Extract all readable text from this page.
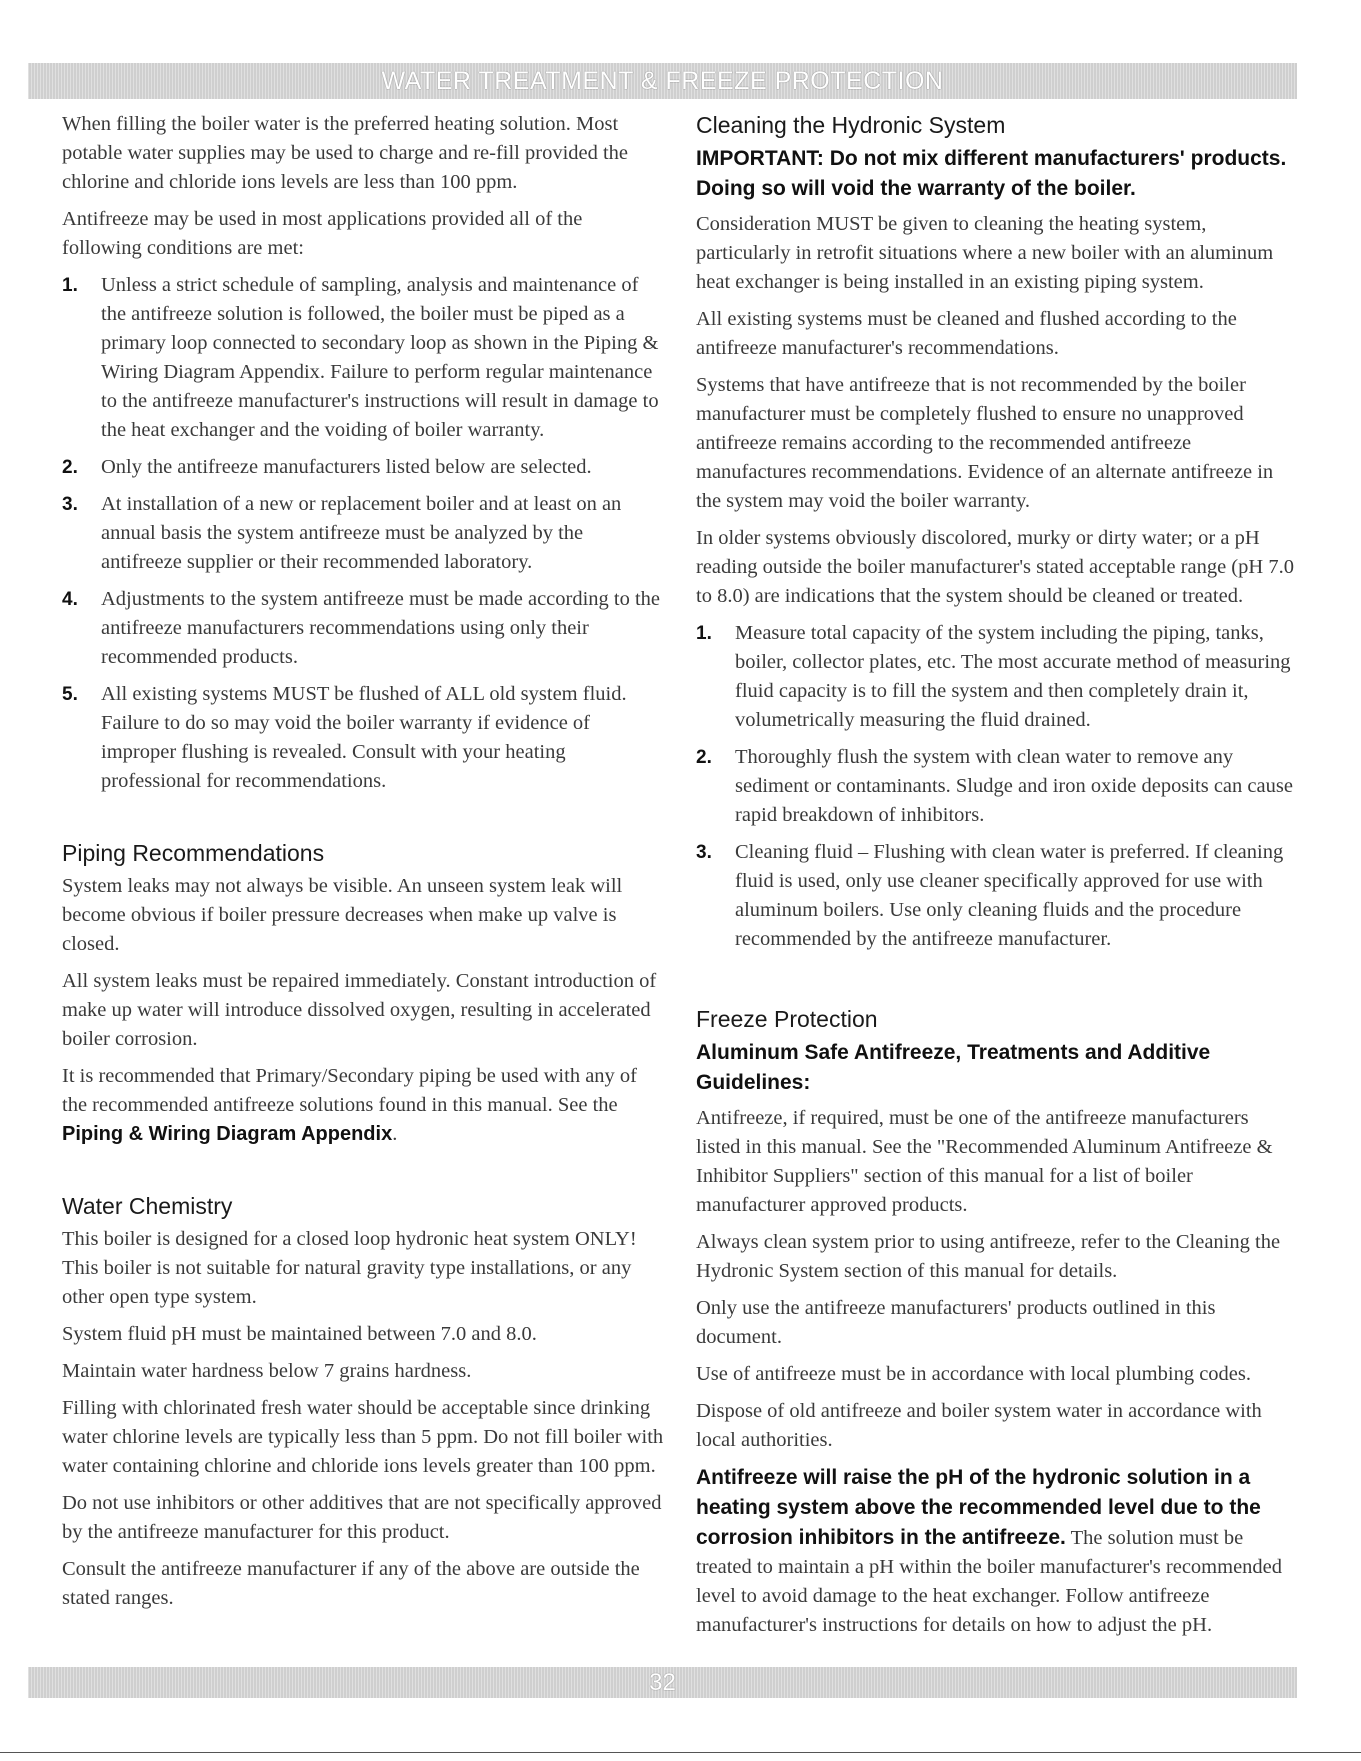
WATER TREATMENT & FREEZE PROTECTION

When filling the boiler water is the preferred heating solution. Most potable water supplies may be used to charge and re-fill provided the chlorine and chloride ions levels are less than 100 ppm.

Antifreeze may be used in most applications provided all of the following conditions are met:

1. Unless a strict schedule of sampling, analysis and maintenance of the antifreeze solution is followed, the boiler must be piped as a primary loop connected to secondary loop as shown in the Piping & Wiring Diagram Appendix. Failure to perform regular maintenance to the antifreeze manufacturer's instructions will result in damage to the heat exchanger and the voiding of boiler warranty.
2. Only the antifreeze manufacturers listed below are selected.
3. At installation of a new or replacement boiler and at least on an annual basis the system antifreeze must be analyzed by the antifreeze supplier or their recommended laboratory.
4. Adjustments to the system antifreeze must be made according to the antifreeze manufacturers recommendations using only their recommended products.
5. All existing systems MUST be flushed of ALL old system fluid. Failure to do so may void the boiler warranty if evidence of improper flushing is revealed. Consult with your heating professional for recommendations.
Piping Recommendations

System leaks may not always be visible. An unseen system leak will become obvious if boiler pressure decreases when make up valve is closed.

All system leaks must be repaired immediately. Constant introduction of make up water will introduce dissolved oxygen, resulting in accelerated boiler corrosion.

It is recommended that Primary/Secondary piping be used with any of the recommended antifreeze solutions found in this manual. See the Piping & Wiring Diagram Appendix.

Water Chemistry

This boiler is designed for a closed loop hydronic heat system ONLY! This boiler is not suitable for natural gravity type installations, or any other open type system.

System fluid pH must be maintained between 7.0 and 8.0.

Maintain water hardness below 7 grains hardness.

Filling with chlorinated fresh water should be acceptable since drinking water chlorine levels are typically less than 5 ppm. Do not fill boiler with water containing chlorine and chloride ions levels greater than 100 ppm.

Do not use inhibitors or other additives that are not specifically approved by the antifreeze manufacturer for this product.

Consult the antifreeze manufacturer if any of the above are outside the stated ranges.

Cleaning the Hydronic System
IMPORTANT: Do not mix different manufacturers' products. Doing so will void the warranty of the boiler.

Consideration MUST be given to cleaning the heating system, particularly in retrofit situations where a new boiler with an aluminum heat exchanger is being installed in an existing piping system.

All existing systems must be cleaned and flushed according to the antifreeze manufacturer's recommendations.

Systems that have antifreeze that is not recommended by the boiler manufacturer must be completely flushed to ensure no unapproved antifreeze remains according to the recommended antifreeze manufactures recommendations. Evidence of an alternate antifreeze in the system may void the boiler warranty.

In older systems obviously discolored, murky or dirty water; or a pH reading outside the boiler manufacturer's stated acceptable range (pH 7.0 to 8.0) are indications that the system should be cleaned or treated.

1. Measure total capacity of the system including the piping, tanks, boiler, collector plates, etc. The most accurate method of measuring fluid capacity is to fill the system and then completely drain it, volumetrically measuring the fluid drained.
2. Thoroughly flush the system with clean water to remove any sediment or contaminants. Sludge and iron oxide deposits can cause rapid breakdown of inhibitors.
3. Cleaning fluid – Flushing with clean water is preferred. If cleaning fluid is used, only use cleaner specifically approved for use with aluminum boilers. Use only cleaning fluids and the procedure recommended by the antifreeze manufacturer.
Freeze Protection
Aluminum Safe Antifreeze, Treatments and Additive Guidelines:

Antifreeze, if required, must be one of the antifreeze manufacturers listed in this manual. See the "Recommended Aluminum Antifreeze & Inhibitor Suppliers" section of this manual for a list of boiler manufacturer approved products.

Always clean system prior to using antifreeze, refer to the Cleaning the Hydronic System section of this manual for details.

Only use the antifreeze manufacturers' products outlined in this document.

Use of antifreeze must be in accordance with local plumbing codes.

Dispose of old antifreeze and boiler system water in accordance with local authorities.

Antifreeze will raise the pH of the hydronic solution in a heating system above the recommended level due to the corrosion inhibitors in the antifreeze. The solution must be treated to maintain a pH within the boiler manufacturer's recommended level to avoid damage to the heat exchanger. Follow antifreeze manufacturer's instructions for details on how to adjust the pH.

32
